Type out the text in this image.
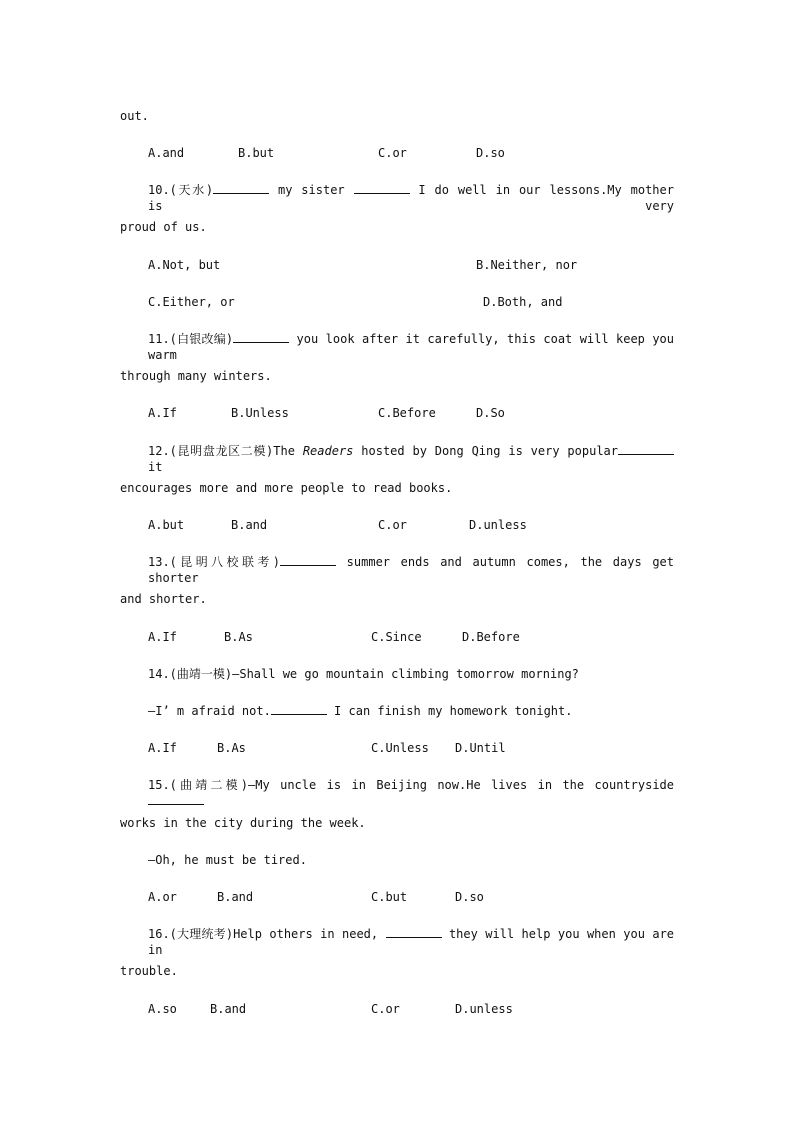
out.
A.and	B.but	C.or	D.so
10.(天水)	my sister	I do well in our lessons.My mother is very
proud of us.
A.Not, but	B.Neither, nor
C.Either, or	D.Both, and
11.(白银改编)	you look after it carefully, this coat will keep you warm
through many winters.
A.If	B.Unless	C.Before	D.So
12.(昆明盘龙区二模)The Readers hosted by Dong Qing is very popular it
encourages more and more people to read books.
A.but	B.and	C.or	D.unless
13.(昆明八校联考)	summer ends and autumn comes, the days get shorter
and shorter.
A.If	B.As	C.Since	D.Before
14.(曲靖一模)—Shall we go mountain climbing tomorrow morning?
—I’ m afraid not.	I can finish my homework tonight.
A.If	B.As	C.Unless D.Until
15.(曲靖二模)—My uncle is in Beijing now.He lives in the countryside
works in the city during the week.
—Oh, he must be tired.
A.or	B.and	C.but	D.so
16.(大理统考)Help others in need,	they will help you when you are in
trouble.
A.so	B.and	C.or	D.unless
